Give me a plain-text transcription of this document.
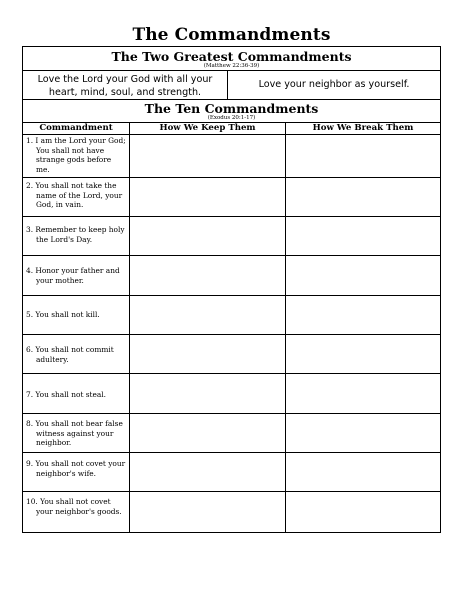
The Commandments
The Two Greatest Commandments
(Matthew 22:36-39)
Love the Lord your God with all your heart, mind, soul, and strength.
Love your neighbor as yourself.
The Ten Commandments
(Exodus 20:1-17)
Commandment	How We Keep Them	How We Break Them
1. I am the Lord your God; You shall not have strange gods before me.
2. You shall not take the name of the Lord, your God, in vain.
3. Remember to keep holy the Lord's Day.
4. Honor your father and your mother.
5. You shall not kill.
6. You shall not commit adultery.
7. You shall not steal.
8. You shall not bear false witness against your neighbor.
9. You shall not covet your neighbor's wife.
10. You shall not covet your neighbor's goods.
